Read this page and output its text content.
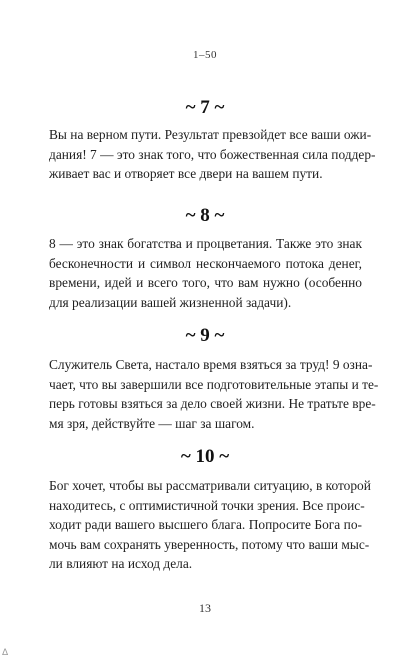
1–50
~ 7 ~
Вы на верном пути. Результат превзойдет все ваши ожи-
дания! 7 — это знак того, что божественная сила поддер-
живает вас и отворяет все двери на вашем пути.
~ 8 ~
8 — это знак богатства и процветания. Также это знак
бесконечности и символ нескончаемого потока денег,
времени, идей и всего того, что вам нужно (особенно
для реализации вашей жизненной задачи).
~ 9 ~
Служитель Света, настало время взяться за труд! 9 озна-
чает, что вы завершили все подготовительные этапы и те-
перь готовы взяться за дело своей жизни. Не тратьте вре-
мя зря, действуйте — шаг за шагом.
~ 10 ~
Бог хочет, чтобы вы рассматривали ситуацию, в которой
находитесь, с оптимистичной точки зрения. Все проис-
ходит ради вашего высшего блага. Попросите Бога по-
мочь вам сохранять уверенность, потому что ваши мыс-
ли влияют на исход дела.
13
Δ
